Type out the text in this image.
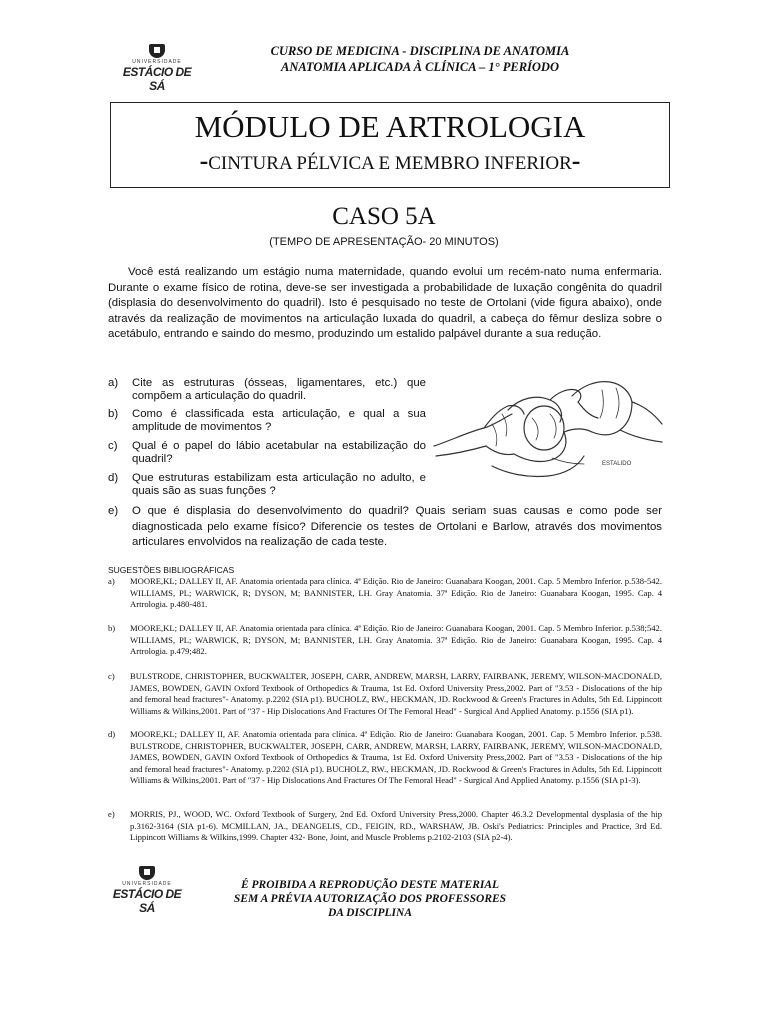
UNIVERSIDADE
ESTÁCIO DE SÁ
CURSO DE MEDICINA - DISCIPLINA DE ANATOMIA
ANATOMIA APLICADA À CLÍNICA – 1° PERÍODO
MÓDULO DE ARTROLOGIA
-CINTURA PÉLVICA E MEMBRO INFERIOR-
CASO 5A
(TEMPO DE APRESENTAÇÃO- 20 MINUTOS)
Você está realizando um estágio numa maternidade, quando evolui um recém-nato numa enfermaria. Durante o exame físico de rotina, deve-se ser investigada a probabilidade de luxação congênita do quadril (displasia do desenvolvimento do quadril). Isto é pesquisado no teste de Ortolani (vide figura abaixo), onde através da realização de movimentos na articulação luxada do quadril, a cabeça do fêmur desliza sobre o acetábulo, entrando e saindo do mesmo, produzindo um estalido palpável durante a sua redução.
a) Cite as estruturas (ósseas, ligamentares, etc.) que compõem a articulação do quadril.
b) Como é classificada esta articulação, e qual a sua amplitude de movimentos ?
c) Qual é o papel do lábio acetabular na estabilização do quadril?
d) Que estruturas estabilizam esta articulação no adulto, e quais são as suas funções ?
ESTALIDO
e) O que é displasia do desenvolvimento do quadril? Quais seriam suas causas e como pode ser diagnosticada pelo exame físico? Diferencie os testes de Ortolani e Barlow, através dos movimentos articulares envolvidos na realização de cada teste.
SUGESTÕES BIBLIOGRÁFICAS
a) MOORE,KL; DALLEY II, AF. Anatomia orientada para clínica. 4ª Edição. Rio de Janeiro: Guanabara Koogan, 2001. Cap. 5 Membro Inferior. p.538-542. WILLIAMS, PL; WARWICK, R; DYSON, M; BANNISTER, LH. Gray Anatomia. 37ª Edição. Rio de Janeiro: Guanabara Koogan, 1995. Cap. 4 Artrologia. p.480-481.
b) MOORE,KL; DALLEY II, AF. Anatomia orientada para clínica. 4ª Edição. Rio de Janeiro: Guanabara Koogan, 2001. Cap. 5 Membro Inferior. p.538;542. WILLIAMS, PL; WARWICK, R; DYSON, M; BANNISTER, LH. Gray Anatomia. 37ª Edição. Rio de Janeiro: Guanabara Koogan, 1995. Cap. 4 Artrologia. p.479;482.
c) BULSTRODE, CHRISTOPHER, BUCKWALTER, JOSEPH, CARR, ANDREW, MARSH, LARRY, FAIRBANK, JEREMY, WILSON-MACDONALD, JAMES, BOWDEN, GAVIN Oxford Textbook of Orthopedics & Trauma, 1st Ed. Oxford University Press,2002. Part of "3.53 - Dislocations of the hip and femoral head fractures"- Anatomy. p.2202 (SIA p1). BUCHOLZ, RW., HECKMAN, JD. Rockwood & Green's Fractures in Adults, 5th Ed. Lippincott Williams & Wilkins,2001. Part of "37 - Hip Dislocations And Fractures Of The Femoral Head" - Surgical And Applied Anatomy. p.1556 (SIA p1).
d) MOORE,KL; DALLEY II, AF. Anatomia orientada para clínica. 4ª Edição. Rio de Janeiro: Guanabara Koogan, 2001. Cap. 5 Membro Inferior. p.538. BULSTRODE, CHRISTOPHER, BUCKWALTER, JOSEPH, CARR, ANDREW, MARSH, LARRY, FAIRBANK, JEREMY, WILSON-MACDONALD, JAMES, BOWDEN, GAVIN Oxford Textbook of Orthopedics & Trauma, 1st Ed. Oxford University Press,2002. Part of "3.53 - Dislocations of the hip and femoral head fractures"- Anatomy. p.2202 (SIA p1). BUCHOLZ, RW., HECKMAN, JD. Rockwood & Green's Fractures in Adults, 5th Ed. Lippincott Williams & Wilkins,2001. Part of "37 - Hip Dislocations And Fractures Of The Femoral Head" - Surgical And Applied Anatomy. p.1556 (SIA p1-3).
e) MORRIS, PJ., WOOD, WC. Oxford Textbook of Surgery, 2nd Ed. Oxford University Press,2000. Chapter 46.3.2 Developmental dysplasia of the hip p.3162-3164 (SIA p1-6). MCMILLAN, JA., DEANGELIS, CD., FEIGIN, RD., WARSHAW, JB. Oski's Pediatrics: Principles and Practice, 3rd Ed. Lippincott Williams & Wilkins,1999. Chapter 432- Bone, Joint, and Muscle Problems p.2102-2103 (SIA p2-4).
UNIVERSIDADE
ESTÁCIO DE SÁ
É PROIBIDA A REPRODUÇÃO DESTE MATERIAL
SEM A PRÉVIA AUTORIZAÇÃO DOS PROFESSORES
DA DISCIPLINA
